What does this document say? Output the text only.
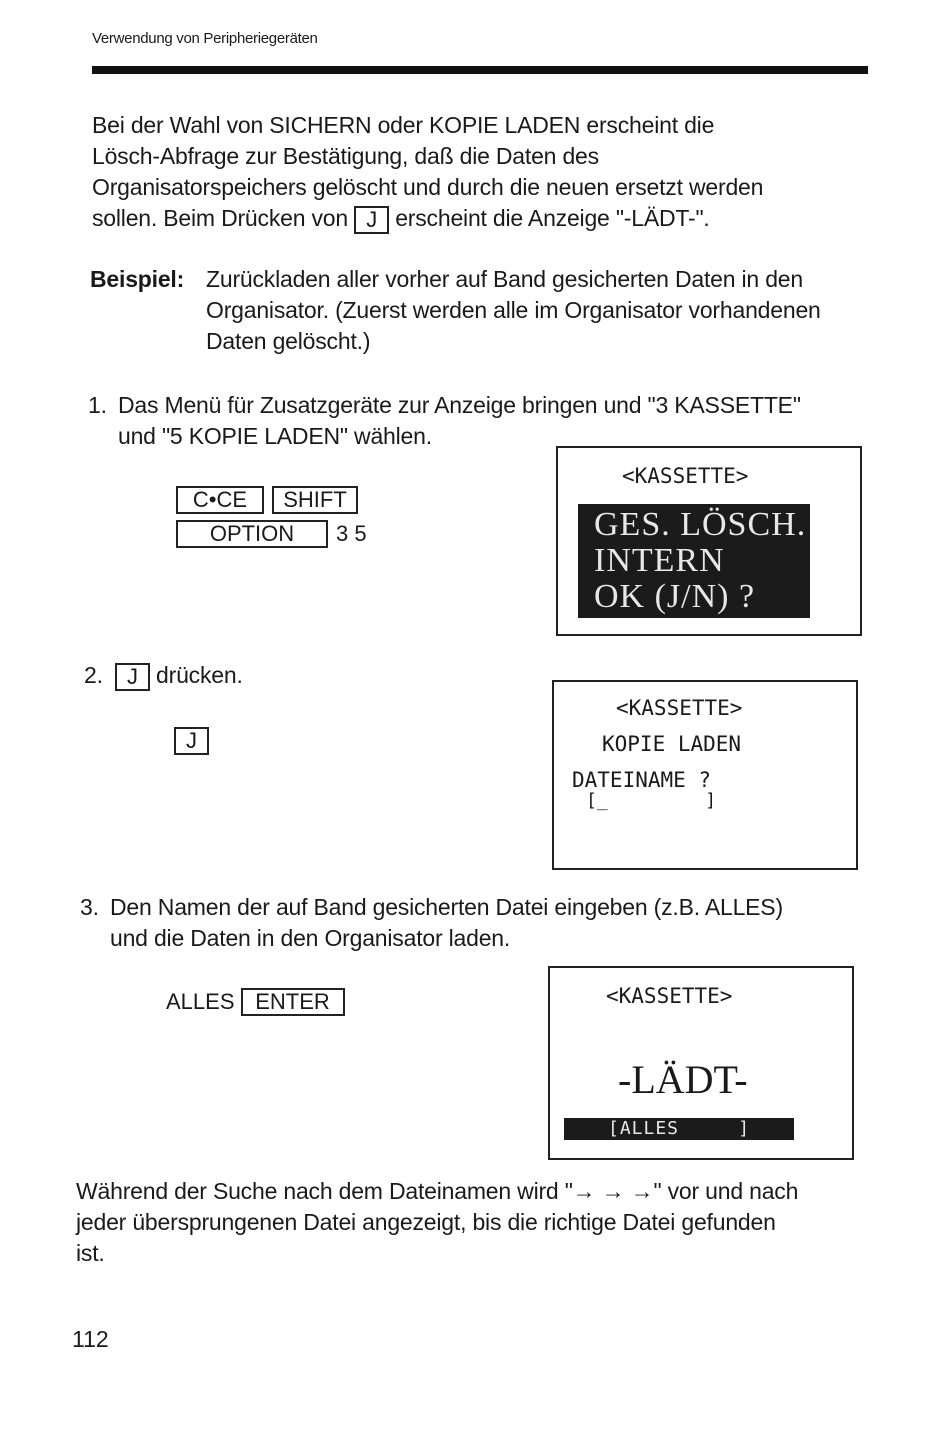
Verwendung von Peripheriegeräten
Bei der Wahl von SICHERN oder KOPIE LADEN erscheint die
Lösch-Abfrage zur Bestätigung, daß die Daten des
Organisatorspeichers gelöscht und durch die neuen ersetzt werden
sollen. Beim Drücken von J erscheint die Anzeige "-LÄDT-".
Beispiel: Zurückladen aller vorher auf Band gesicherten Daten in den
Organisator. (Zuerst werden alle im Organisator vorhandenen
Daten gelöscht.)
1. Das Menü für Zusatzgeräte zur Anzeige bringen und "3 KASSETTE"
und "5 KOPIE LADEN" wählen.
C•CE	SHIFT
OPTION	3 5
<KASSETTE>
GES. LÖSCH.
INTERN
OK (J/N) ?
2. J drücken.
J
<KASSETTE>
KOPIE LADEN
DATEINAME ?
[_         ]
3. Den Namen der auf Band gesicherten Datei eingeben (z.B. ALLES)
und die Daten in den Organisator laden.
ALLES ENTER	<KASSETTE>
-LÄDT-
[ALLES     ]
Während der Suche nach dem Dateinamen wird "→ → →" vor und nach
jeder übersprungenen Datei angezeigt, bis die richtige Datei gefunden
ist.
112
